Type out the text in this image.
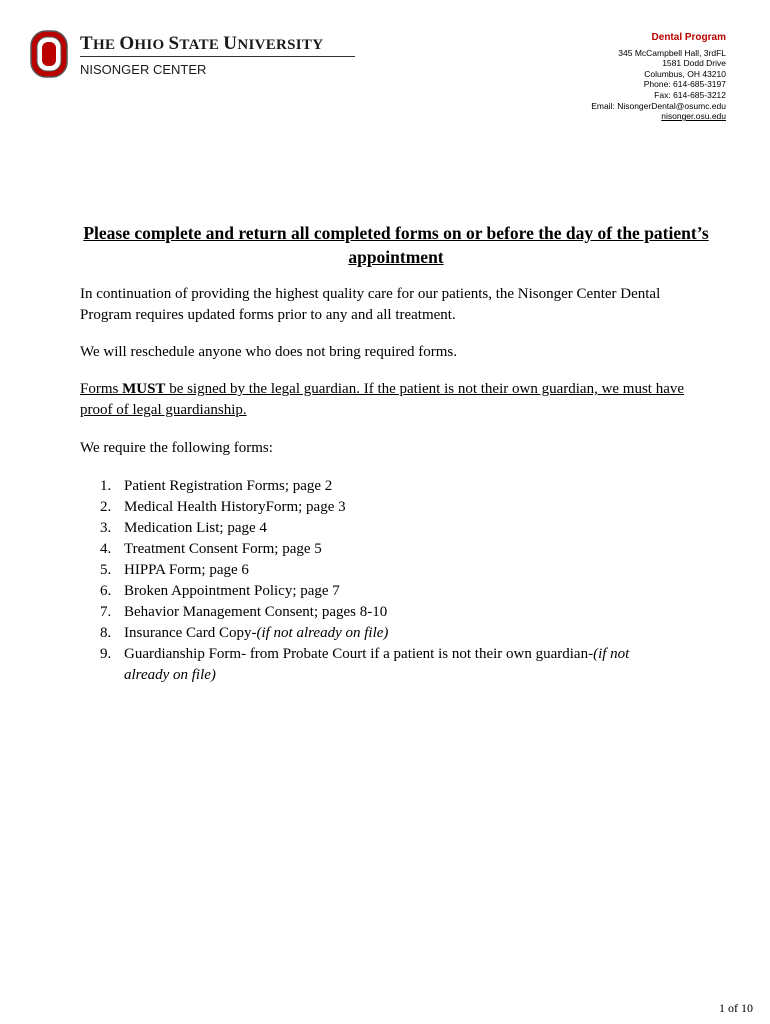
THE OHIO STATE UNIVERSITY
NISONGER CENTER
Dental Program
345 McCampbell Hall, 3rdFL
1581 Dodd Drive
Columbus, OH 43210
Phone: 614-685-3197
Fax: 614-685-3212
Email: NisongerDental@osumc.edu
nisonger.osu.edu
Please complete and return all completed forms on or before the day of the patient’s appointment
In continuation of providing the highest quality care for our patients, the Nisonger Center Dental Program requires updated forms prior to any and all treatment.
We will reschedule anyone who does not bring required forms.
Forms MUST be signed by the legal guardian. If the patient is not their own guardian, we must have proof of legal guardianship.
We require the following forms:
1. Patient Registration Forms; page 2
2. Medical Health HistoryForm; page 3
3. Medication List; page 4
4. Treatment Consent Form; page 5
5. HIPPA Form; page 6
6. Broken Appointment Policy; page 7
7. Behavior Management Consent; pages 8-10
8. Insurance Card Copy-(if not already on file)
9. Guardianship Form- from Probate Court if a patient is not their own guardian-(if not already on file)
1 of 10
